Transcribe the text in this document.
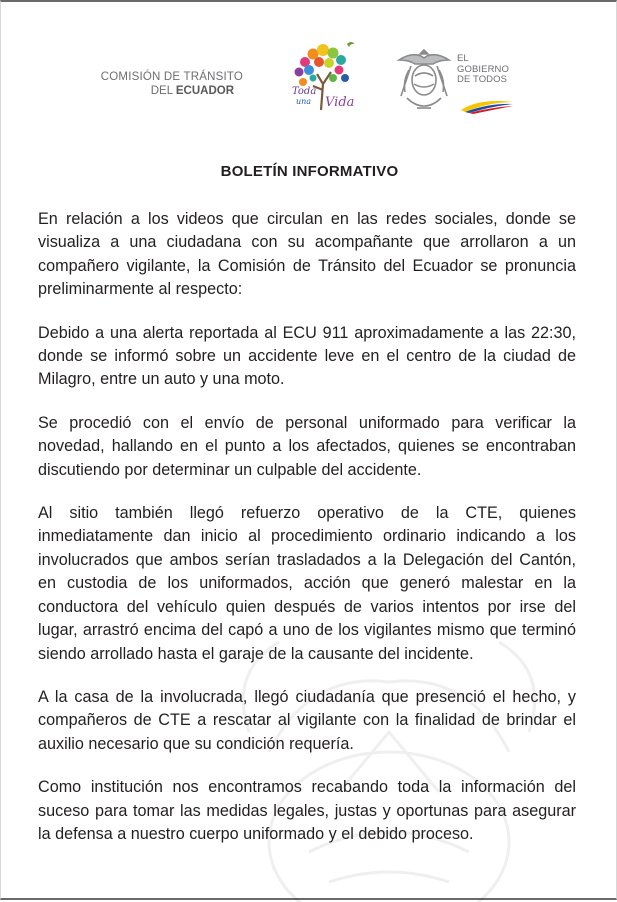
COMISIÓN DE TRÁNSITO
DEL ECUADOR	Toda
una Vida
EL
GOBIERNO
DE TODOS
BOLETÍN INFORMATIVO

En relación a los videos que circulan en las redes sociales, donde se visualiza a una ciudadana con su acompañante que arrollaron a un compañero vigilante, la Comisión de Tránsito del Ecuador se pronuncia preliminarmente al respecto:

Debido a una alerta reportada al ECU 911 aproximadamente a las 22:30, donde se informó sobre un accidente leve en el centro de la ciudad de Milagro, entre un auto y una moto.

Se procedió con el envío de personal uniformado para verificar la novedad, hallando en el punto a los afectados, quienes se encontraban discutiendo por determinar un culpable del accidente.

Al sitio también llegó refuerzo operativo de la CTE, quienes inmediatamente dan inicio al procedimiento ordinario indicando a los involucrados que ambos serían trasladados a la Delegación del Cantón, en custodia de los uniformados, acción que generó malestar en la conductora del vehículo quien después de varios intentos por irse del lugar, arrastró encima del capó a uno de los vigilantes mismo que terminó siendo arrollado hasta el garaje de la causante del incidente.

A la casa de la involucrada, llegó ciudadanía que presenció el hecho, y compañeros de CTE a rescatar al vigilante con la finalidad de brindar el auxilio necesario que su condición requería.

Como institución nos encontramos recabando toda la información del suceso para tomar las medidas legales, justas y oportunas para asegurar la defensa a nuestro cuerpo uniformado y el debido proceso.
